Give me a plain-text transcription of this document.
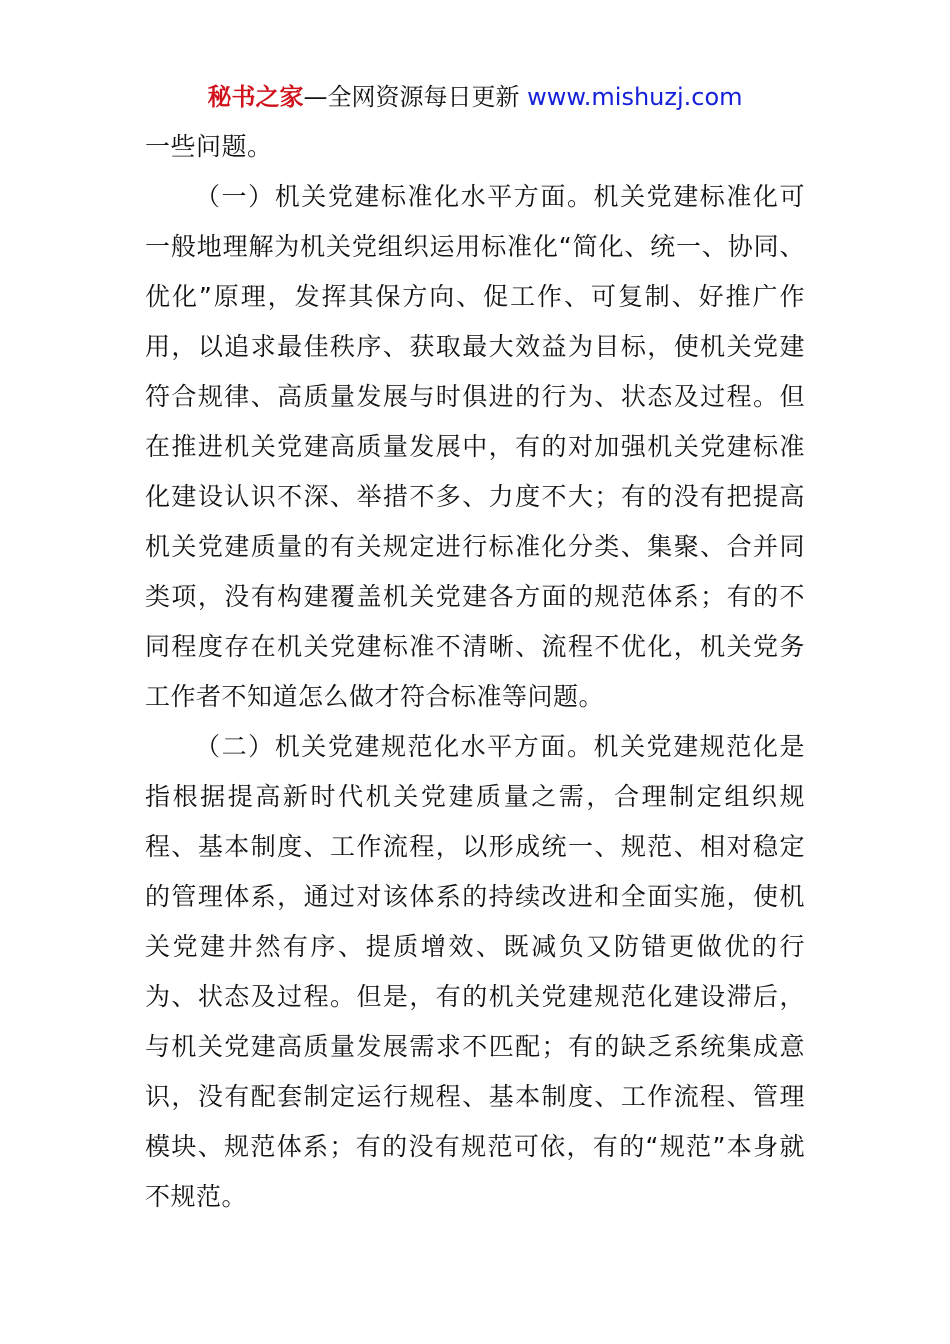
秘书之家—全网资源每日更新 www.mishuzj.com

一些问题。

（一）机关党建标准化水平方面。机关党建标准化可一般地理解为机关党组织运用标准化“简化、统一、协同、优化”原理，发挥其保方向、促工作、可复制、好推广作用，以追求最佳秩序、获取最大效益为目标，使机关党建符合规律、高质量发展与时俱进的行为、状态及过程。但在推进机关党建高质量发展中，有的对加强机关党建标准化建设认识不深、举措不多、力度不大；有的没有把提高机关党建质量的有关规定进行标准化分类、集聚、合并同类项，没有构建覆盖机关党建各方面的规范体系；有的不同程度存在机关党建标准不清晰、流程不优化，机关党务工作者不知道怎么做才符合标准等问题。

（二）机关党建规范化水平方面。机关党建规范化是指根据提高新时代机关党建质量之需，合理制定组织规程、基本制度、工作流程，以形成统一、规范、相对稳定的管理体系，通过对该体系的持续改进和全面实施，使机关党建井然有序、提质增效、既减负又防错更做优的行为、状态及过程。但是，有的机关党建规范化建设滞后，与机关党建高质量发展需求不匹配；有的缺乏系统集成意识，没有配套制定运行规程、基本制度、工作流程、管理模块、规范体系；有的没有规范可依，有的“规范”本身就不规范。
